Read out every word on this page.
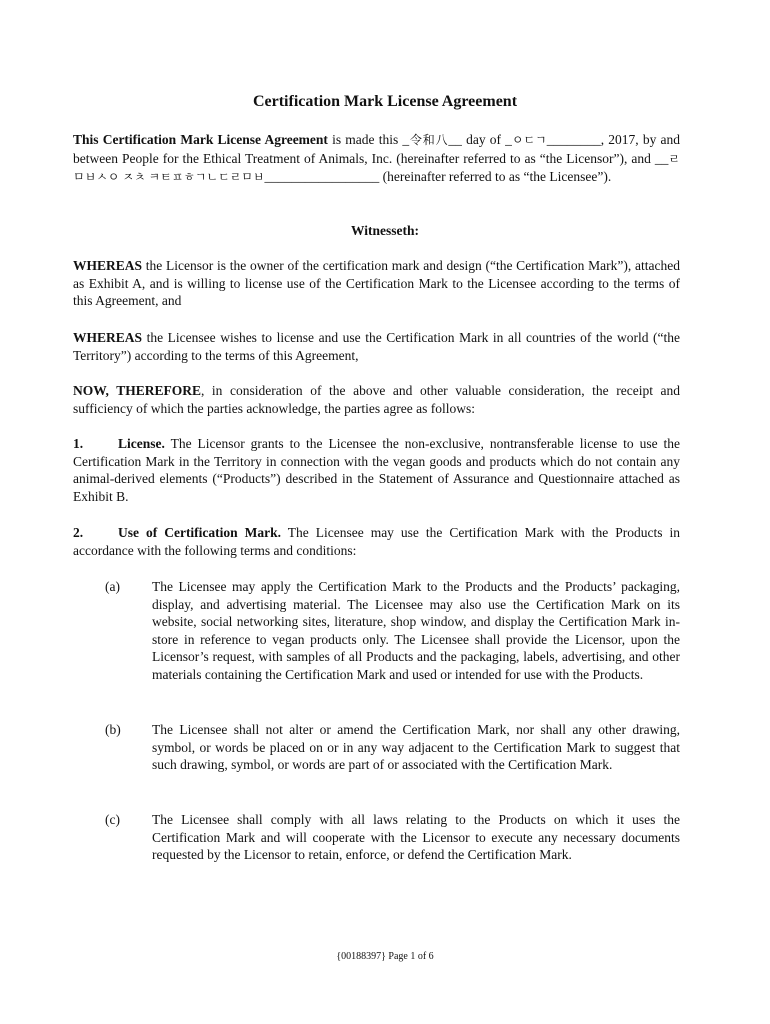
Certification Mark License Agreement
This Certification Mark License Agreement is made this _令和八__ day of _ㅇㄷㄱ________, 2017, by and between People for the Ethical Treatment of Animals, Inc. (hereinafter referred to as “the Licensor”), and __ㄹㅁㅂㅅㅇ ㅈㅊ ㅋㅌㅍㅎㄱㄴㄷㄹㅁㅂ_________________ (hereinafter referred to as “the Licensee”).
Witnesseth:
WHEREAS the Licensor is the owner of the certification mark and design (“the Certification Mark”), attached as Exhibit A, and is willing to license use of the Certification Mark to the Licensee according to the terms of this Agreement, and
WHEREAS the Licensee wishes to license and use the Certification Mark in all countries of the world (“the Territory”) according to the terms of this Agreement,
NOW, THEREFORE, in consideration of the above and other valuable consideration, the receipt and sufficiency of which the parties acknowledge, the parties agree as follows:
1.	License. The Licensor grants to the Licensee the non-exclusive, nontransferable license to use the Certification Mark in the Territory in connection with the vegan goods and products which do not contain any animal-derived elements (“Products”) described in the Statement of Assurance and Questionnaire attached as Exhibit B.
2.	Use of Certification Mark. The Licensee may use the Certification Mark with the Products in accordance with the following terms and conditions:
(a) The Licensee may apply the Certification Mark to the Products and the Products’ packaging, display, and advertising material. The Licensee may also use the Certification Mark on its website, social networking sites, literature, shop window, and display the Certification Mark in-store in reference to vegan products only. The Licensee shall provide the Licensor, upon the Licensor’s request, with samples of all Products and the packaging, labels, advertising, and other materials containing the Certification Mark and used or intended for use with the Products.
(b) The Licensee shall not alter or amend the Certification Mark, nor shall any other drawing, symbol, or words be placed on or in any way adjacent to the Certification Mark to suggest that such drawing, symbol, or words are part of or associated with the Certification Mark.
(c) The Licensee shall comply with all laws relating to the Products on which it uses the Certification Mark and will cooperate with the Licensor to execute any necessary documents requested by the Licensor to retain, enforce, or defend the Certification Mark.
{00188397} Page 1 of 6
